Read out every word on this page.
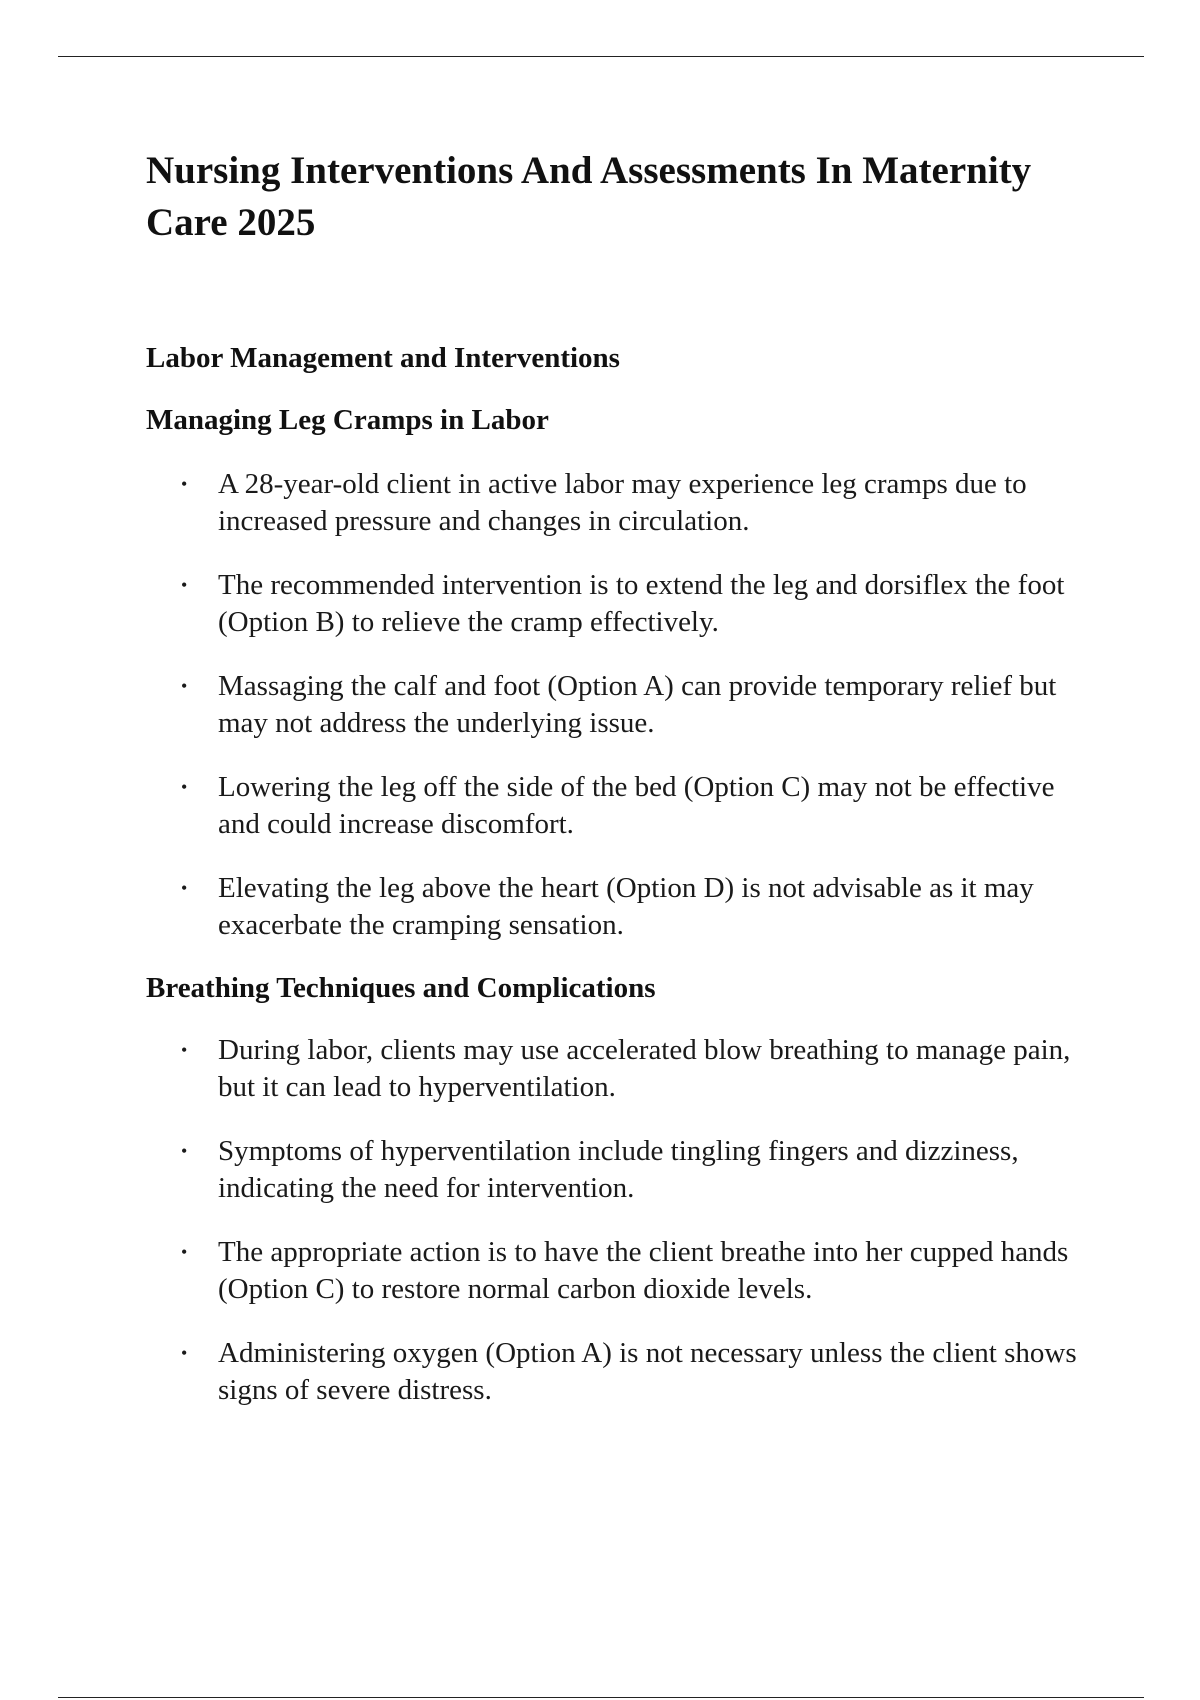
Nursing Interventions And Assessments In Maternity Care 2025
Labor Management and Interventions
Managing Leg Cramps in Labor
• A 28-year-old client in active labor may experience leg cramps due to increased pressure and changes in circulation.
• The recommended intervention is to extend the leg and dorsiflex the foot (Option B) to relieve the cramp effectively.
• Massaging the calf and foot (Option A) can provide temporary relief but may not address the underlying issue.
• Lowering the leg off the side of the bed (Option C) may not be effective and could increase discomfort.
• Elevating the leg above the heart (Option D) is not advisable as it may exacerbate the cramping sensation.
Breathing Techniques and Complications
• During labor, clients may use accelerated blow breathing to manage pain, but it can lead to hyperventilation.
• Symptoms of hyperventilation include tingling fingers and dizziness, indicating the need for intervention.
• The appropriate action is to have the client breathe into her cupped hands (Option C) to restore normal carbon dioxide levels.
• Administering oxygen (Option A) is not necessary unless the client shows signs of severe distress.
